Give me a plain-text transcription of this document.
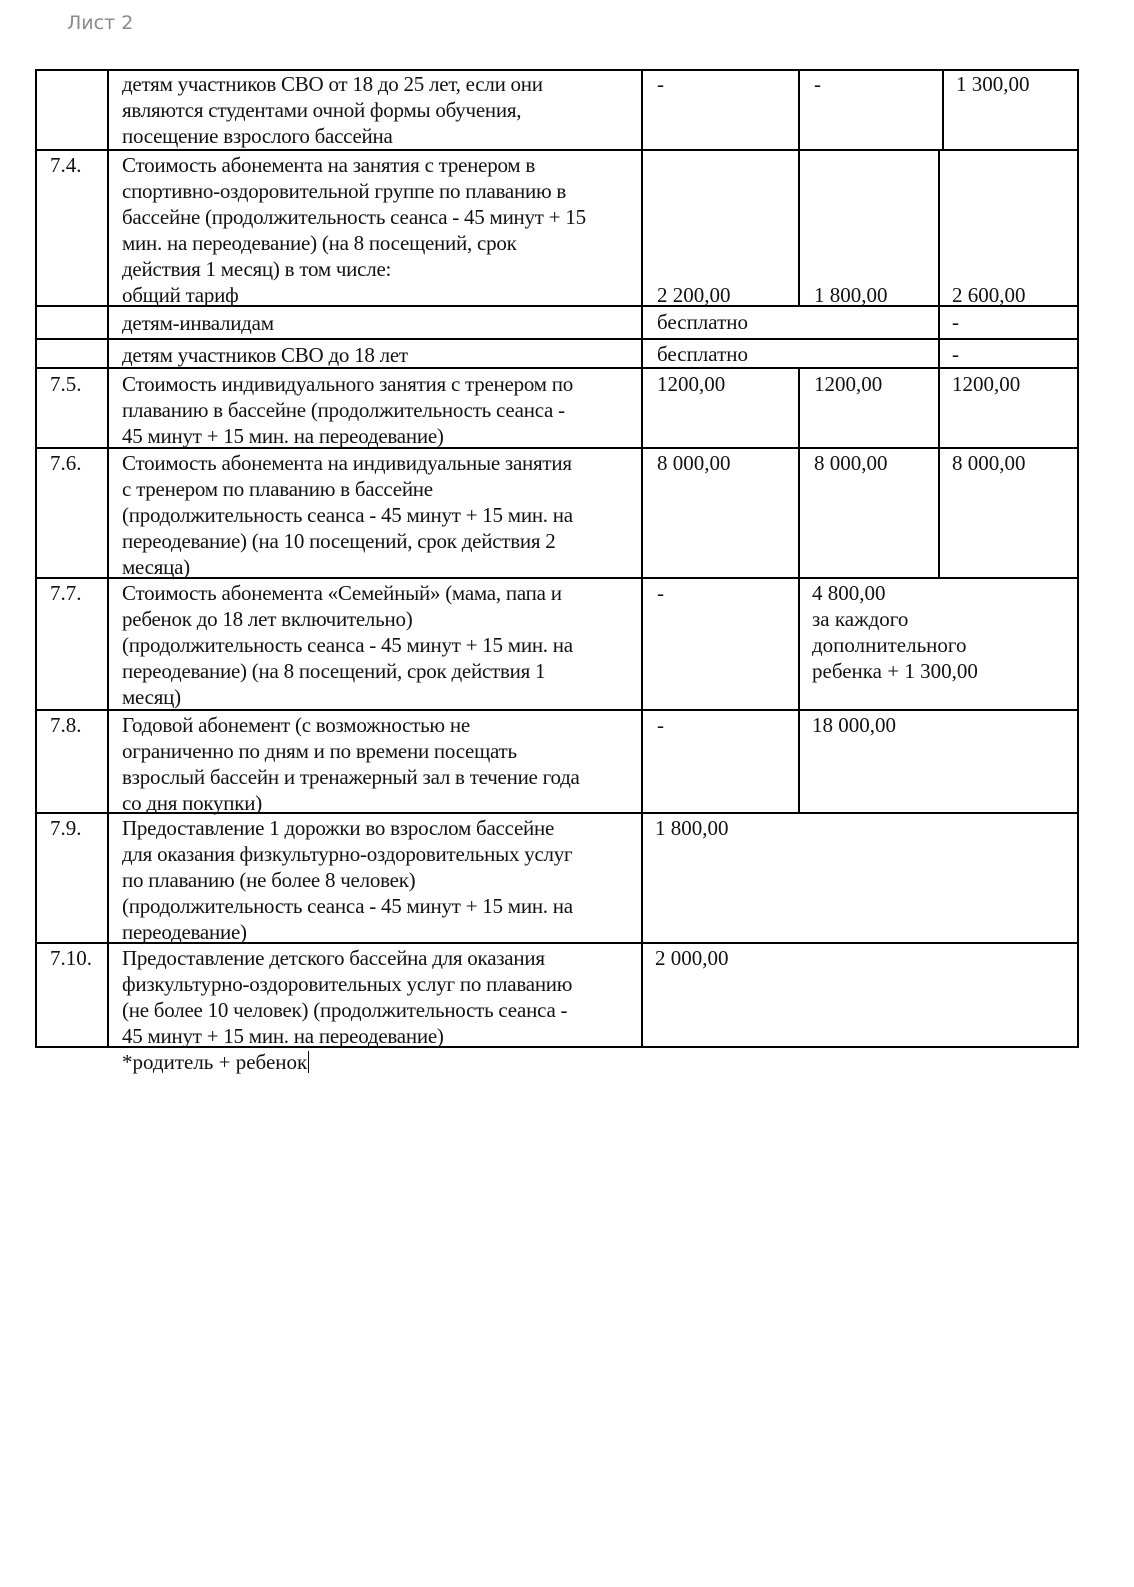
Лист 2
детям участников СВО от 18 до 25 лет, если они
являются студентами очной формы обучения,
посещение взрослого бассейна
-	-	1 300,00
7.4. Стоимость абонемента на занятия с тренером в
спортивно-оздоровительной группе по плаванию в
бассейне (продолжительность сеанса - 45 минут + 15
мин. на переодевание) (на 8 посещений, срок
действия 1 месяц) в том числе:
общий тариф	2 200,00	1 800,00	2 600,00
детям-инвалидам	бесплатно	-
детям участников СВО до 18 лет	бесплатно	-
7.5. Стоимость индивидуального занятия с тренером по
плаванию в бассейне (продолжительность сеанса -
45 минут + 15 мин. на переодевание)
1200,00	1200,00	1200,00
7.6. Стоимость абонемента на индивидуальные занятия
с тренером по плаванию в бассейне
(продолжительность сеанса - 45 минут + 15 мин. на
переодевание) (на 10 посещений, срок действия 2
месяца)
8 000,00	8 000,00	8 000,00
7.7. Стоимость абонемента «Семейный» (мама, папа и
ребенок до 18 лет включительно)
(продолжительность сеанса - 45 минут + 15 мин. на
переодевание) (на 8 посещений, срок действия 1
месяц)
-	4 800,00
за каждого
дополнительного
ребенка + 1 300,00
7.8. Годовой абонемент (с возможностью не
ограниченно по дням и по времени посещать
взрослый бассейн и тренажерный зал в течение года
со дня покупки)
-	18 000,00
7.9. Предоставление 1 дорожки во взрослом бассейне
для оказания физкультурно-оздоровительных услуг
по плаванию (не более 8 человек)
(продолжительность сеанса - 45 минут + 15 мин. на
переодевание)
1 800,00
7.10. Предоставление детского бассейна для оказания
физкультурно-оздоровительных услуг по плаванию
(не более 10 человек) (продолжительность сеанса -
45 минут + 15 мин. на переодевание)
2 000,00
*родитель + ребенок
